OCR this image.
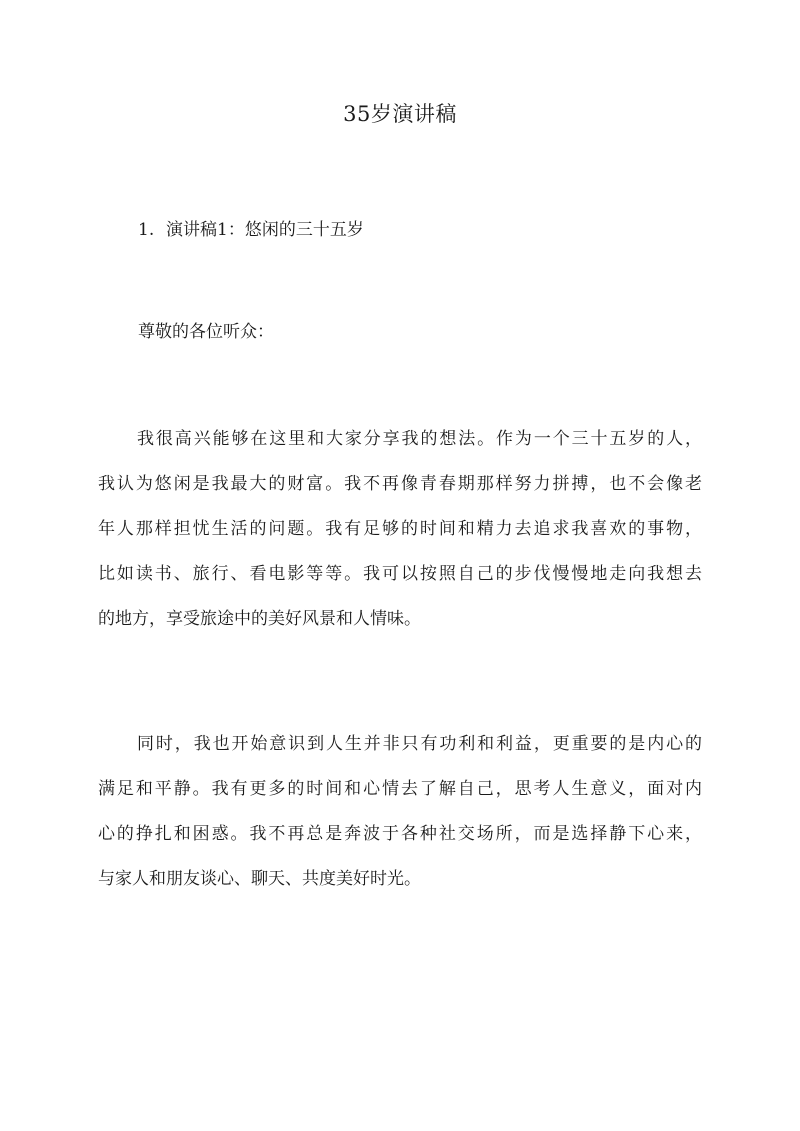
35岁演讲稿
1. 演讲稿1：悠闲的三十五岁
尊敬的各位听众：
我很高兴能够在这里和大家分享我的想法。作为一个三十五岁的人，
我认为悠闲是我最大的财富。我不再像青春期那样努力拼搏，也不会像老
年人那样担忧生活的问题。我有足够的时间和精力去追求我喜欢的事物，
比如读书、旅行、看电影等等。我可以按照自己的步伐慢慢地走向我想去
的地方，享受旅途中的美好风景和人情味。
同时，我也开始意识到人生并非只有功利和利益，更重要的是内心的
满足和平静。我有更多的时间和心情去了解自己，思考人生意义，面对内
心的挣扎和困惑。我不再总是奔波于各种社交场所，而是选择静下心来，
与家人和朋友谈心、聊天、共度美好时光。
